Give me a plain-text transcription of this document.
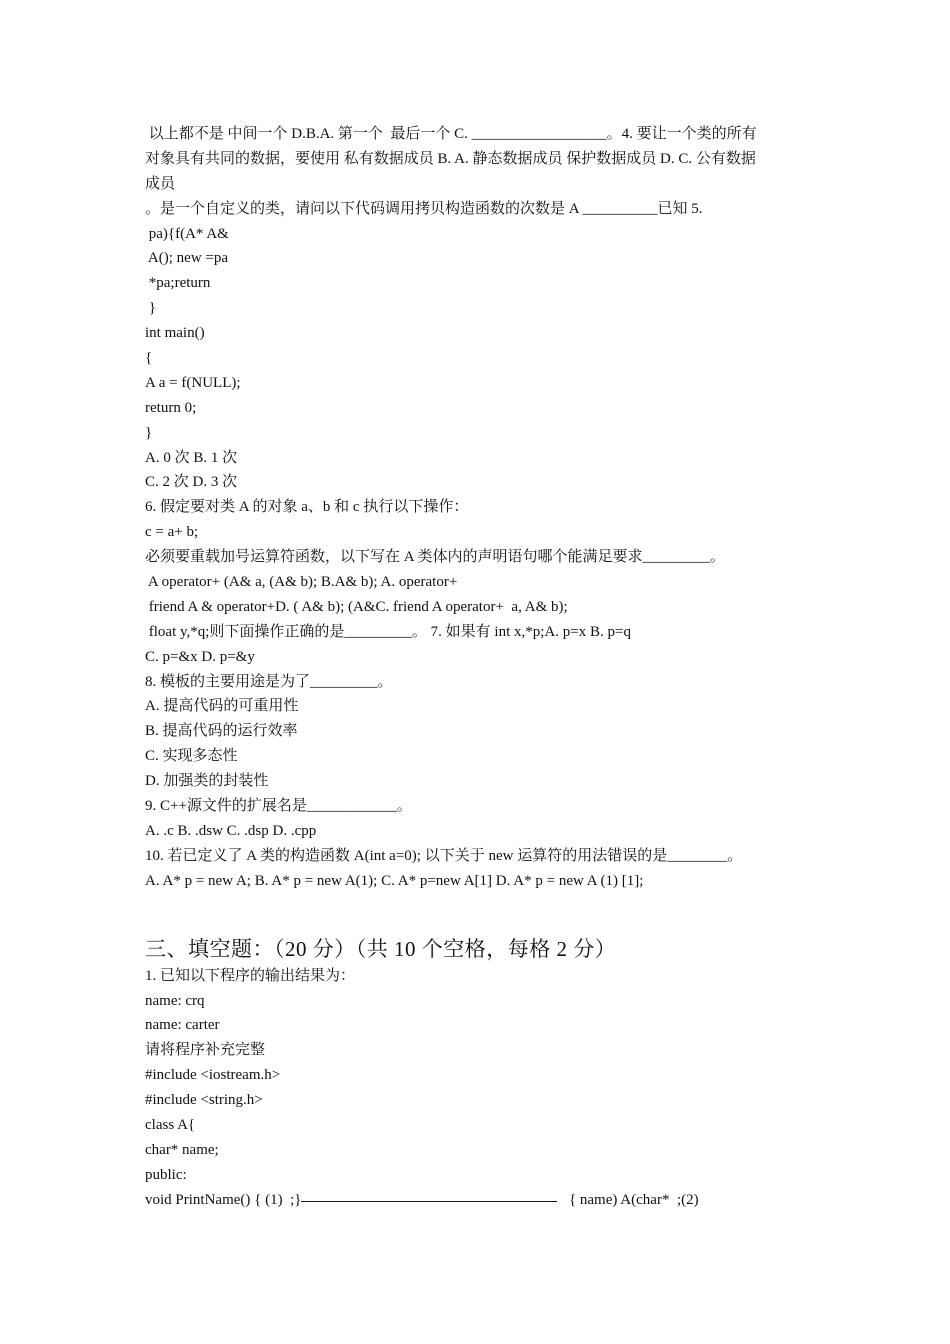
以上都不是 中间一个 D.B.A. 第一个  最后一个 C. __________________。4. 要让一个类的所有
对象具有共同的数据，要使用 私有数据成员 B. A. 静态数据成员 保护数据成员 D. C. 公有数据
成员
。是一个自定义的类，请问以下代码调用拷贝构造函数的次数是 A __________已知 5.
pa){f(A* A&
A(); new =pa
*pa;return
}
int main()
{
A a = f(NULL);
return 0;
}
A. 0 次 B. 1 次
C. 2 次 D. 3 次
6. 假定要对类 A 的对象 a、b 和 c 执行以下操作：
c = a+ b;
必须要重载加号运算符函数，以下写在 A 类体内的声明语句哪个能满足要求_________。
A operator+ (A& a, (A& b); B.A& b); A. operator+
friend A & operator+D. ( A& b); (A&C. friend A operator+  a, A& b);
float y,*q;则下面操作正确的是_________。 7. 如果有 int x,*p;A. p=x B. p=q
C. p=&x D. p=&y
8. 模板的主要用途是为了_________。
A. 提高代码的可重用性
B. 提高代码的运行效率
C. 实现多态性
D. 加强类的封装性
9. C++源文件的扩展名是____________。
A. .c B. .dsw C. .dsp D. .cpp
10. 若已定义了 A 类的构造函数 A(int a=0); 以下关于 new 运算符的用法错误的是________。
A. A* p = new A; B. A* p = new A(1); C. A* p=new A[1] D. A* p = new A (1) [1];
三、填空题：（20 分）（共 10 个空格，每格 2 分）
1. 已知以下程序的输出结果为：
name: crq
name: carter
请将程序补充完整
#include <iostream.h>
#include <string.h>
class A{
char* name;
public:
void PrintName() { (1)  ;}	{ name) A(char*  ;(2)
